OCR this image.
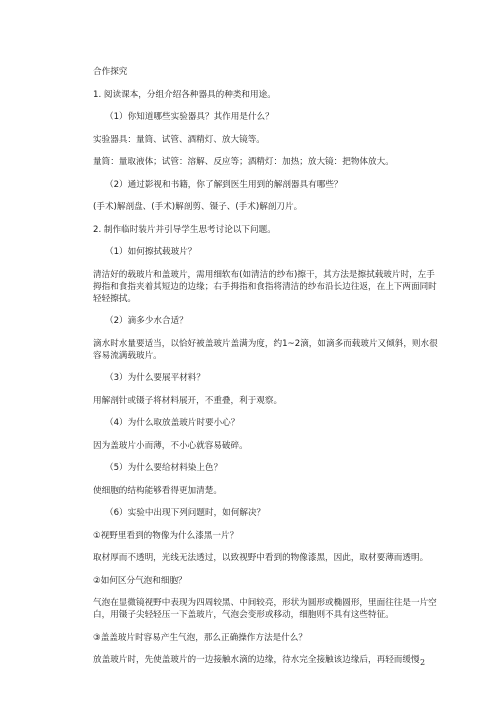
合作探究
1. 阅读课本，分组介绍各种器具的种类和用途。
（1）你知道哪些实验器具？其作用是什么？
实验器具：量筒、试管、酒精灯、放大镜等。
量筒：量取液体；试管：溶解、反应等；酒精灯：加热；放大镜：把物体放大。
（2）通过影视和书籍，你了解到医生用到的解剖器具有哪些？
(手术)解剖盘、(手术)解剖剪、镊子、(手术)解剖刀片。
2. 制作临时装片并引导学生思考讨论以下问题。
（1）如何擦拭载玻片？
清洁好的载玻片和盖玻片，需用细软布(如清洁的纱布)擦干，其方法是擦拭载玻片时，左手拇指和食指夹着其短边的边缘；右手拇指和食指将清洁的纱布沿长边往返，在上下两面同时轻轻擦拭。
（2）滴多少水合适？
滴水时水量要适当，以恰好被盖玻片盖满为度，约1~2滴，如滴多而载玻片又倾斜，则水很容易流满载玻片。
（3）为什么要展平材料？
用解剖针或镊子将材料展开，不重叠，利于观察。
（4）为什么取放盖玻片时要小心？
因为盖玻片小而薄，不小心就容易破碎。
（5）为什么要给材料染上色？
使细胞的结构能够看得更加清楚。
（6）实验中出现下列问题时，如何解决？
①视野里看到的物像为什么漆黑一片？
取材厚而不透明，光线无法透过，以致视野中看到的物像漆黑，因此，取材要薄而透明。
②如何区分气泡和细胞？
气泡在显微镜视野中表现为四周较黑、中间较亮，形状为圆形或椭圆形，里面往往是一片空白，用镊子尖轻轻压一下盖玻片，气泡会变形或移动，细胞则不具有这些特征。
③盖盖玻片时容易产生气泡，那么正确操作方法是什么？
放盖玻片时，先使盖玻片的一边接触水滴的边缘，待水完全接触该边缘后，再轻而缓慢 2
